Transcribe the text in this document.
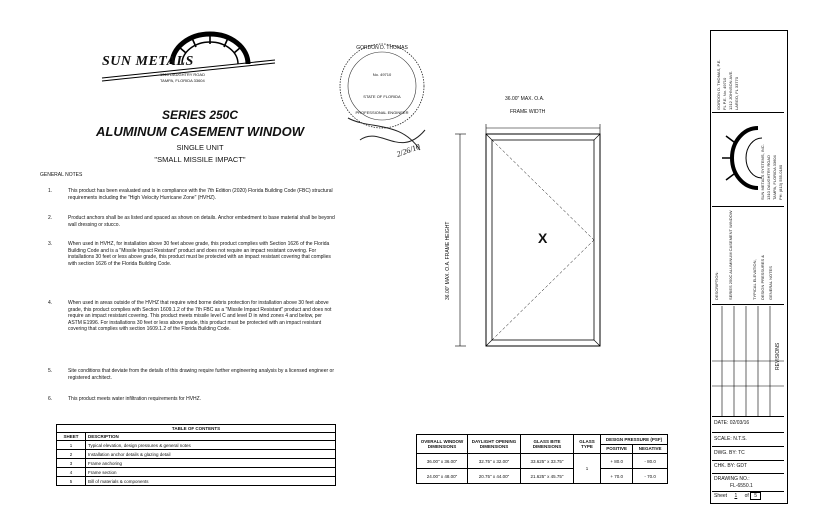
SUN METALS
1310 DAUGHTRY ROAD
TAMPA, FLORIDA 33604
SERIES 250C
ALUMINUM CASEMENT WINDOW
SINGLE UNIT
"SMALL MISSILE IMPACT"
GORDON D. THOMAS
No. 49710
STATE OF FLORIDA
PROFESSIONAL ENGINEER
2/26/10
GENERAL NOTES
1.	This product has been evaluated and is in compliance with the 7th Edition (2020) Florida Building Code (FBC) structural requirements including the "High Velocity Hurricane Zone" (HVHZ).
2.	Product anchors shall be as listed and spaced as shown on details. Anchor embedment to base material shall be beyond wall dressing or stucco.
3.	When used in HVHZ, for installation above 30 feet above grade, this product complies with Section 1626 of the Florida Building Code and is a "Missile Impact Resistant" product and does not require an impact resistant covering. For installations 30 feet or less above grade, this product must be protected with an impact resistant covering that complies with section 1626 of the Florida Building Code.
4.	When used in areas outside of the HVHZ that require wind borne debris protection for installation above 30 feet above grade, this product complies with Section 1609.1.2 of the 7th FBC as a "Missile Impact Resistant" product and does not require an impact resistant covering. This product meets missile level C and level D in wind zones 4 and below, per ASTM E1996. For installations 30 feet or less above grade, this product must be protected with an impact resistant covering that complies with section 1609.1.2 of the Florida Building Code.
5.	Site conditions that deviate from the details of this drawing require further engineering analysis by a licensed engineer or registered architect.
6.	This product meets water infiltration requirements for HVHZ.
TABLE OF CONTENTS	
SHEET	DESCRIPTION
1	Typical elevation, design pressures & general notes
2	Installation anchor details & glazing detail
3	Frame anchoring
4	Frame section
5	Bill of materials & components
36.00" MAX. O.A.
FRAME WIDTH
X
36.00" MAX. O.A. FRAME HEIGHT
OVERALL WINDOW DIMENSIONS	DAYLIGHT OPENING DIMENSIONS	GLASS BITE DIMENSIONS	GLASS TYPE	DESIGN PRESSURE (PSF)	
				POSITIVE	NEGATIVE
36.00" x 36.00"	32.75" x 32.00"	33.625" x 33.75"	1	+ 80.0	- 80.0
24.00" x 48.00"	20.75" x 44.00"	21.625" x 45.75"		+ 70.0	- 70.0
GORDON D. THOMAS, P.E. FL P.E. No. 49710 1212 JOHNSON AVE. LARGO, FL 33770
SUN METALS SYSTEMS, INC. 1310 DAUGHTRY ROAD TAMPA, FLORIDA 33604 PH: (813) 555-0180
DESCRIPTION: SERIES 250C ALUMINUM CASEMENT WINDOW	TYPICAL ELEVATION, DESIGN PRESSURES & GENERAL NOTES
REVISIONS
DATE: 02/03/16
SCALE: N.T.S.
DWG. BY: TC
CHK. BY: GDT
DRAWING NO.:
FL-6550.1
Sheet 1 of 5
